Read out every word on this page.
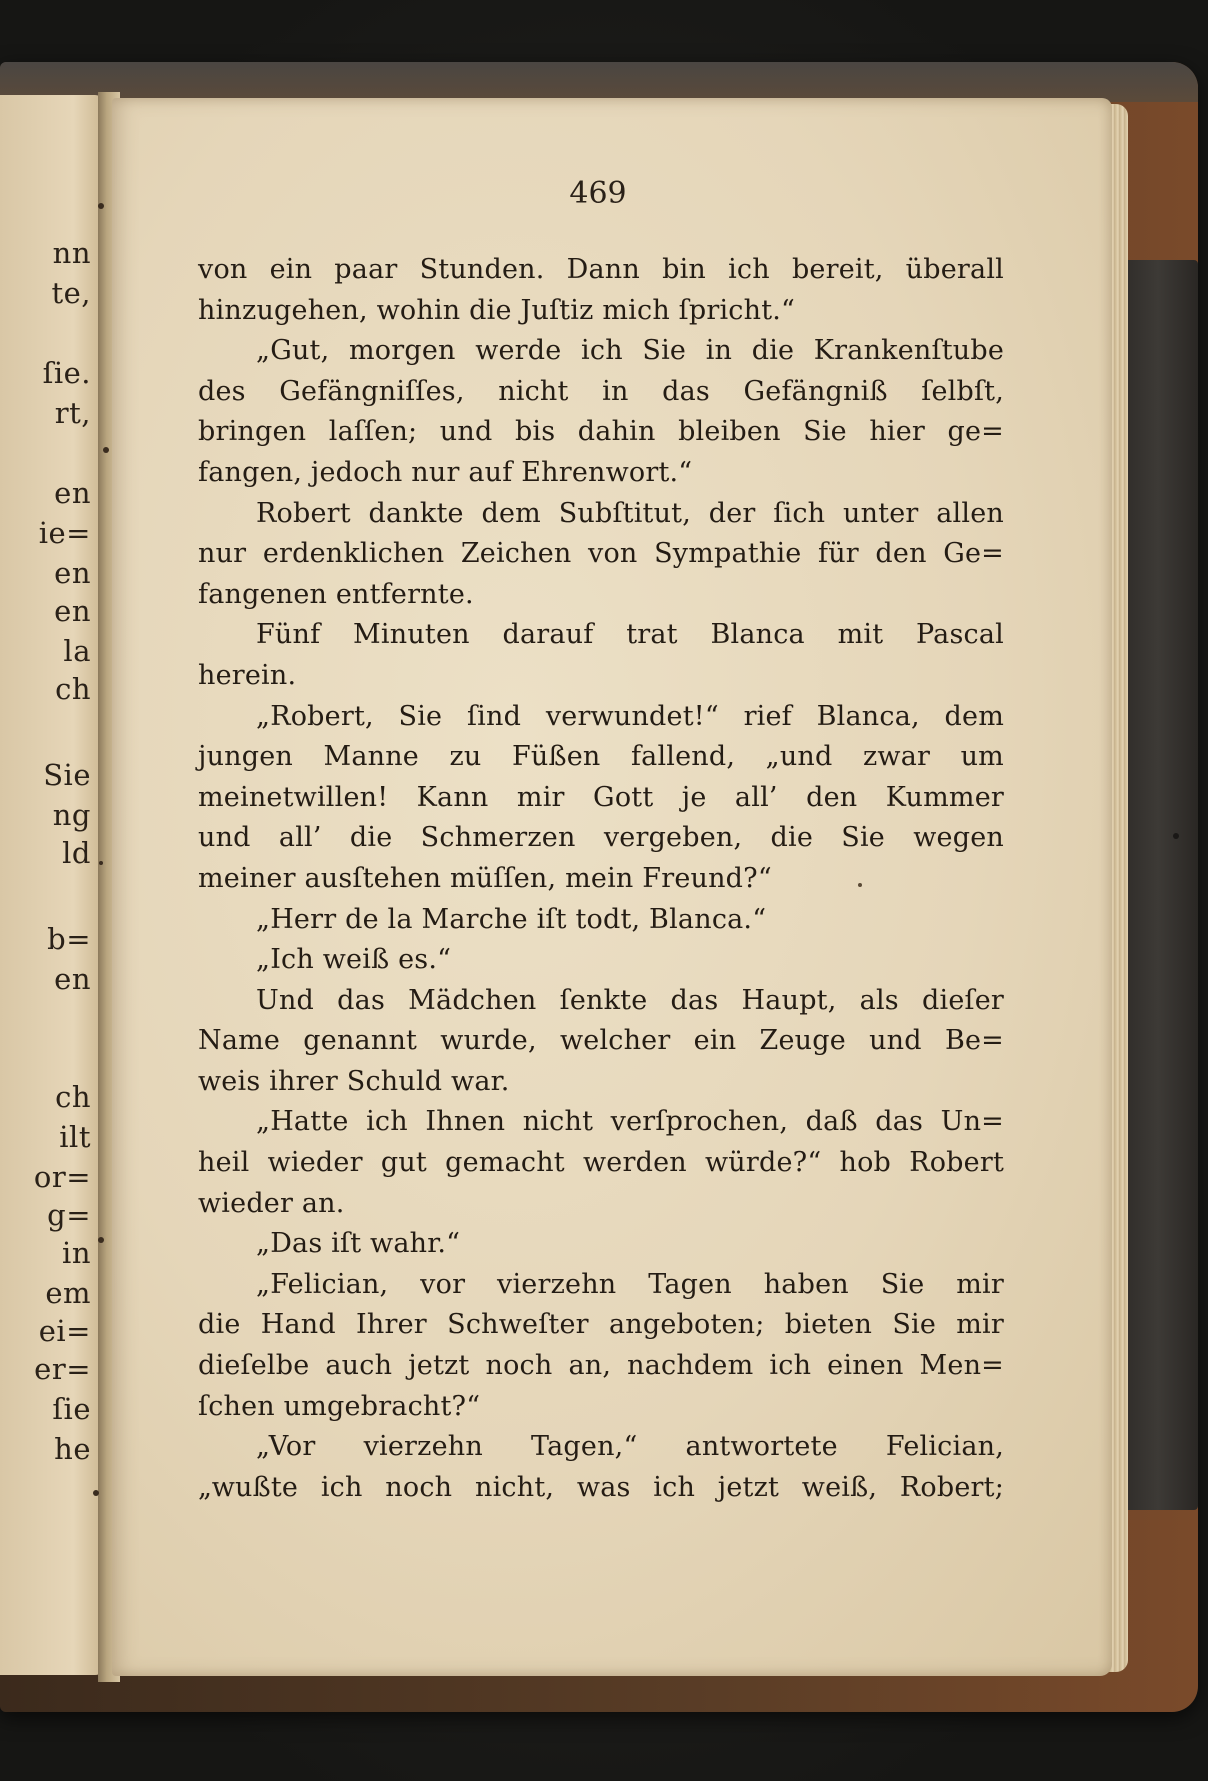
nn
te,
ſie.
rt,
en
ie=
en
en
la
ch
Sie
ng
ld
b=
en
ch
ilt
or=
g=
in
em
ei=
er=
ſie
he
469
von ein paar Stunden. Dann bin ich bereit, überall
hinzugehen, wohin die Juſtiz mich ſpricht.“
„Gut, morgen werde ich Sie in die Krankenſtube
des Gefängniſſes, nicht in das Gefängniß ſelbſt,
bringen laſſen; und bis dahin bleiben Sie hier ge=
fangen, jedoch nur auf Ehrenwort.“
Robert dankte dem Subſtitut, der ſich unter allen
nur erdenklichen Zeichen von Sympathie für den Ge=
fangenen entfernte.
Fünf Minuten darauf trat Blanca mit Pascal
herein.
„Robert, Sie ſind verwundet!“ rief Blanca, dem
jungen Manne zu Füßen fallend, „und zwar um
meinetwillen! Kann mir Gott je all’ den Kummer
und all’ die Schmerzen vergeben, die Sie wegen
meiner ausſtehen müſſen, mein Freund?“
„Herr de la Marche iſt todt, Blanca.“
„Ich weiß es.“
Und das Mädchen ſenkte das Haupt, als dieſer
Name genannt wurde, welcher ein Zeuge und Be=
weis ihrer Schuld war.
„Hatte ich Ihnen nicht verſprochen, daß das Un=
heil wieder gut gemacht werden würde?“ hob Robert
wieder an.
„Das iſt wahr.“
„Felician, vor vierzehn Tagen haben Sie mir
die Hand Ihrer Schweſter angeboten; bieten Sie mir
dieſelbe auch jetzt noch an, nachdem ich einen Men=
ſchen umgebracht?“
„Vor vierzehn Tagen,“ antwortete Felician,
„wußte ich noch nicht, was ich jetzt weiß, Robert;
